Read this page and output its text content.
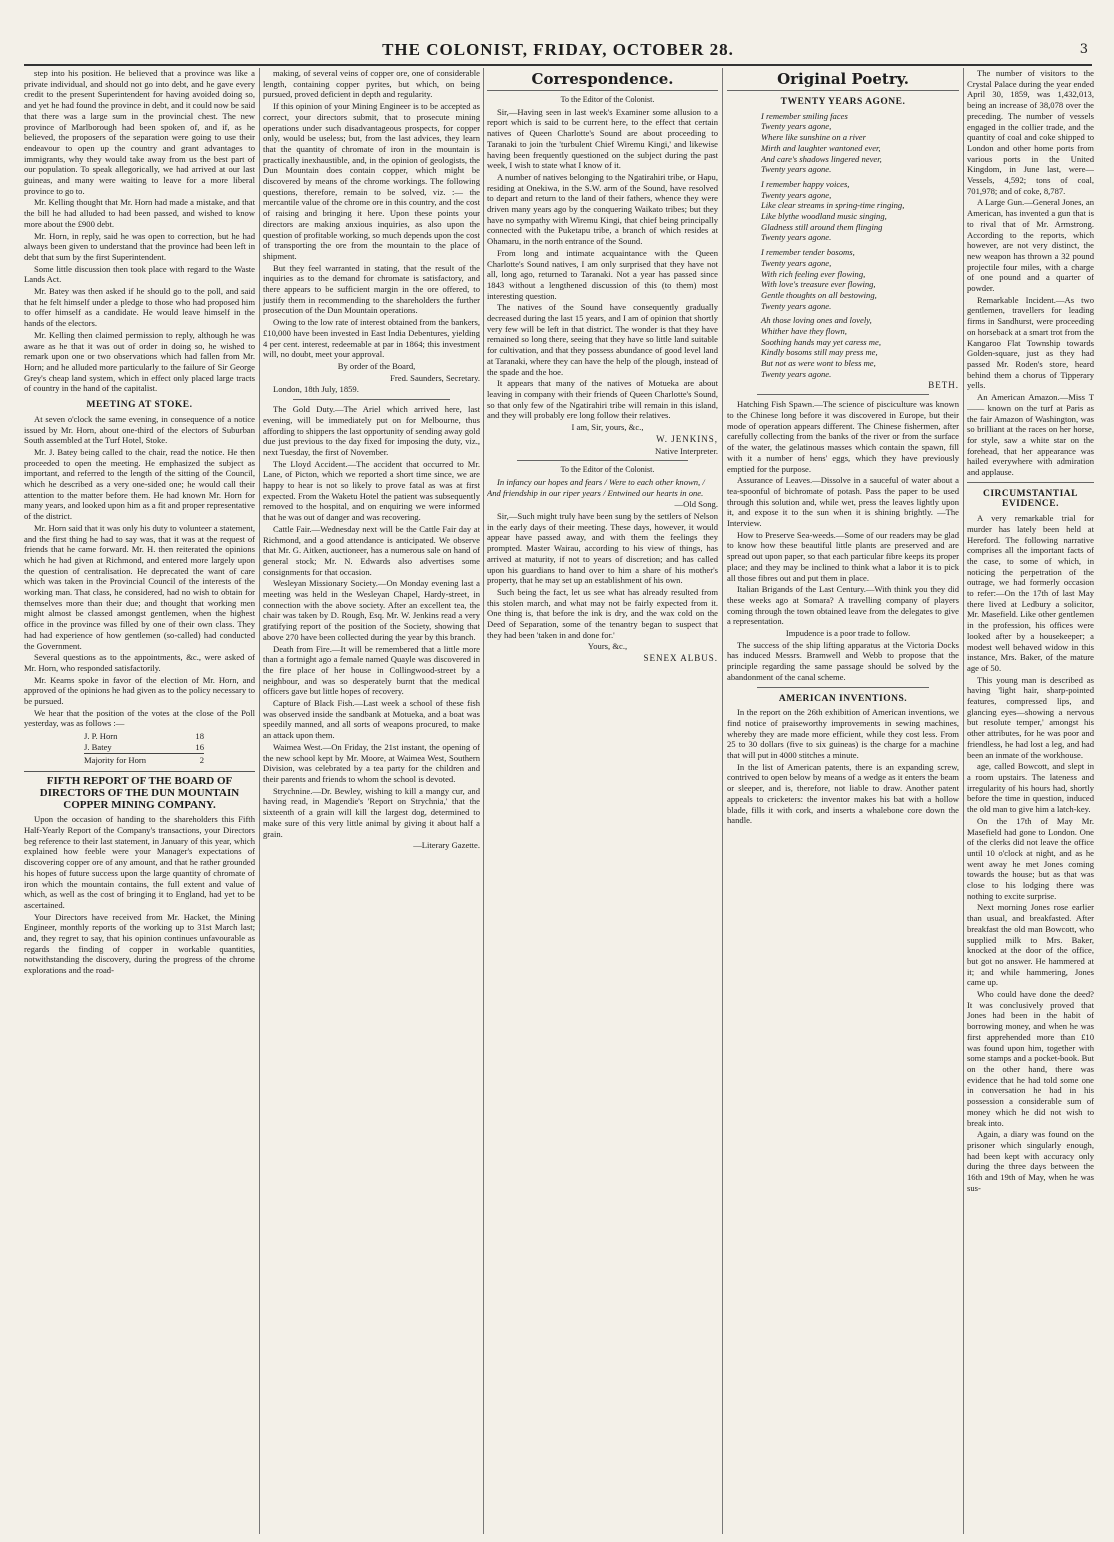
THE COLONIST, FRIDAY, OCTOBER 28.	3

step into his position. He believed that a province was like a private individual, and should not go into debt, and he gave every credit to the present Superintendent for having avoided doing so, and yet he had found the province in debt, and it could now be said that there was a large sum in the provincial chest. The new province of Marlborough had been spoken of, and if, as he believed, the proposers of the separation were going to use their endeavour to open up the country and grant advantages to immigrants, why they would take away from us the best part of our population. To speak allegorically, we had arrived at our last guineas, and many were waiting to leave for a more liberal province to go to.

Mr. Kelling thought that Mr. Horn had made a mistake, and that the bill he had alluded to had been passed, and wished to know more about the £900 debt.

Mr. Horn, in reply, said he was open to correction, but he had always been given to understand that the province had been left in debt that sum by the first Superintendent.

Some little discussion then took place with regard to the Waste Lands Act.

Mr. Batey was then asked if he should go to the poll, and said that he felt himself under a pledge to those who had proposed him to offer himself as a candidate. He would leave himself in the hands of the electors.

Mr. Kelling then claimed permission to reply, although he was aware as he that it was out of order in doing so, he wished to remark upon one or two observations which had fallen from Mr. Horn; and he alluded more particularly to the failure of Sir George Grey's cheap land system, which in effect only placed large tracts of country in the hand of the capitalist.

MEETING AT STOKE.

At seven o'clock the same evening, in consequence of a notice issued by Mr. Horn, about one-third of the electors of Suburban South assembled at the Turf Hotel, Stoke.

Mr. J. Batey being called to the chair, read the notice. He then proceeded to open the meeting. He emphasized the subject as important, and referred to the length of the sitting of the Council, which he described as a very one-sided one; he would call their attention to the matter before them. He had known Mr. Horn for many years, and looked upon him as a fit and proper representative of the district.

Mr. Horn said that it was only his duty to volunteer a statement, and the first thing he had to say was, that it was at the request of friends that he came forward. Mr. H. then reiterated the opinions which he had given at Richmond, and entered more largely upon the question of centralisation. He deprecated the want of care which was taken in the Provincial Council of the interests of the working man. That class, he considered, had no wish to obtain for themselves more than their due; and thought that working men might almost be classed amongst gentlemen, when the highest office in the province was filled by one of their own class. They had had experience of how gentlemen (so-called) had conducted the Government.

Several questions as to the appointments, &c., were asked of Mr. Horn, who responded satisfactorily.

Mr. Kearns spoke in favor of the election of Mr. Horn, and approved of the opinions he had given as to the policy necessary to be pursued.

We hear that the position of the votes at the close of the Poll yesterday, was as follows :—

J. P. Horn	18
J. Batey	16
Majority for Horn	2
FIFTH REPORT OF THE BOARD OF DIRECTORS OF THE DUN MOUNTAIN COPPER MINING COMPANY.

Upon the occasion of handing to the shareholders this Fifth Half-Yearly Report of the Company's transactions, your Directors beg reference to their last statement, in January of this year, which explained how feeble were your Manager's expectations of discovering copper ore of any amount, and that he rather grounded his hopes of future success upon the large quantity of chromate of iron which the mountain contains, the full extent and value of which, as well as the cost of bringing it to England, had yet to be ascertained.

Your Directors have received from Mr. Hacket, the Mining Engineer, monthly reports of the working up to 31st March last; and, they regret to say, that his opinion continues unfavourable as regards the finding of copper in workable quantities, notwithstanding the discovery, during the progress of the chrome explorations and the road-

making, of several veins of copper ore, one of considerable length, containing copper pyrites, but which, on being pursued, proved deficient in depth and regularity.

If this opinion of your Mining Engineer is to be accepted as correct, your directors submit, that to prosecute mining operations under such disadvantageous prospects, for copper only, would be useless; but, from the last advices, they learn that the quantity of chromate of iron in the mountain is practically inexhaustible, and, in the opinion of geologists, the Dun Mountain does contain copper, which might be discovered by means of the chrome workings. The following questions, therefore, remain to be solved, viz. :— the mercantile value of the chrome ore in this country, and the cost of raising and bringing it here. Upon these points your directors are making anxious inquiries, as also upon the question of profitable working, so much depends upon the cost of transporting the ore from the mountain to the place of shipment.

But they feel warranted in stating, that the result of the inquiries as to the demand for chromate is satisfactory, and there appears to be sufficient margin in the ore offered, to justify them in recommending to the shareholders the further prosecution of the Dun Mountain operations.

Owing to the low rate of interest obtained from the bankers, £10,000 have been invested in East India Debentures, yielding 4 per cent. interest, redeemable at par in 1864; this investment will, no doubt, meet your approval.

By order of the Board,

Fred. Saunders, Secretary.

London, 18th July, 1859.

The Gold Duty.—The Ariel which arrived here, last evening, will be immediately put on for Melbourne, thus affording to shippers the last opportunity of sending away gold due just previous to the day fixed for imposing the duty, viz., next Tuesday, the first of November.

The Lloyd Accident.—The accident that occurred to Mr. Lane, of Picton, which we reported a short time since, we are happy to hear is not so likely to prove fatal as was at first expected. From the Waketu Hotel the patient was subsequently removed to the hospital, and on enquiring we were informed that he was out of danger and was recovering.

Cattle Fair.—Wednesday next will be the Cattle Fair day at Richmond, and a good attendance is anticipated. We observe that Mr. G. Aitken, auctioneer, has a numerous sale on hand of general stock; Mr. N. Edwards also advertises some consignments for that occasion.

Wesleyan Missionary Society.—On Monday evening last a meeting was held in the Wesleyan Chapel, Hardy-street, in connection with the above society. After an excellent tea, the chair was taken by D. Rough, Esq. Mr. W. Jenkins read a very gratifying report of the position of the Society, showing that above 270 have been collected during the year by this branch.

Death from Fire.—It will be remembered that a little more than a fortnight ago a female named Quayle was discovered in the fire place of her house in Collingwood-street by a neighbour, and was so desperately burnt that the medical officers gave but little hopes of recovery.

Capture of Black Fish.—Last week a school of these fish was observed inside the sandbank at Motueka, and a boat was speedily manned, and all sorts of weapons procured, to make an attack upon them.

Waimea West.—On Friday, the 21st instant, the opening of the new school kept by Mr. Moore, at Waimea West, Southern Division, was celebrated by a tea party for the children and their parents and friends to whom the school is devoted.

Strychnine.—Dr. Bewley, wishing to kill a mangy cur, and having read, in Magendie's 'Report on Strychnia,' that the sixteenth of a grain will kill the largest dog, determined to make sure of this very little animal by giving it about half a grain.

—Literary Gazette.

Correspondence.

To the Editor of the Colonist.

Sir,—Having seen in last week's Examiner some allusion to a report which is said to be current here, to the effect that certain natives of Queen Charlotte's Sound are about proceeding to Taranaki to join the 'turbulent Chief Wiremu Kingi,' and likewise having been frequently questioned on the subject during the past week, I wish to state what I know of it.

A number of natives belonging to the Ngatirahiri tribe, or Hapu, residing at Onekiwa, in the S.W. arm of the Sound, have resolved to depart and return to the land of their fathers, whence they were driven many years ago by the conquering Waikato tribes; but they have no sympathy with Wiremu Kingi, that chief being principally connected with the Puketapu tribe, a branch of which resides at Ohamaru, in the north entrance of the Sound.

From long and intimate acquaintance with the Queen Charlotte's Sound natives, I am only surprised that they have not all, long ago, returned to Taranaki. Not a year has passed since 1843 without a lengthened discussion of this (to them) most interesting question.

The natives of the Sound have consequently gradually decreased during the last 15 years, and I am of opinion that shortly very few will be left in that district. The wonder is that they have remained so long there, seeing that they have so little land suitable for cultivation, and that they possess abundance of good level land at Taranaki, where they can have the help of the plough, instead of the spade and the hoe.

It appears that many of the natives of Motueka are about leaving in company with their friends of Queen Charlotte's Sound, so that only few of the Ngatirahiri tribe will remain in this island, and they will probably ere long follow their relatives.

I am, Sir, yours, &c.,

W. JENKINS,

Native Interpreter.

To the Editor of the Colonist.

In infancy our hopes and fears / Were to each other known, / And friendship in our riper years / Entwined our hearts in one.

—Old Song.

Sir,—Such might truly have been sung by the settlers of Nelson in the early days of their meeting. These days, however, it would appear have passed away, and with them the feelings they prompted. Master Wairau, according to his view of things, has arrived at maturity, if not to years of discretion; and has called upon his guardians to hand over to him a share of his mother's property, that he may set up an establishment of his own.

Such being the fact, let us see what has already resulted from this stolen march, and what may not be fairly expected from it. One thing is, that before the ink is dry, and the wax cold on the Deed of Separation, some of the tenantry began to suspect that they had been 'taken in and done for.'

Yours, &c.,

SENEX ALBUS.

Original Poetry.
TWENTY YEARS AGONE.
I remember smiling faces
Twenty years agone,
Where like sunshine on a river
Mirth and laughter wantoned ever,
And care's shadows lingered never,
Twenty years agone.
I remember happy voices,
Twenty years agone,
Like clear streams in spring-time ringing,
Like blythe woodland music singing,
Gladness still around them flinging
Twenty years agone.
I remember tender bosoms,
Twenty years agone,
With rich feeling ever flowing,
With love's treasure ever flowing,
Gentle thoughts on all bestowing,
Twenty years agone.
Ah those loving ones and lovely,
Whither have they flown,
Soothing hands may yet caress me,
Kindly bosoms still may press me,
But not as were wont to bless me,
Twenty years agone.

BETH.

Hatching Fish Spawn.—The science of pisciculture was known to the Chinese long before it was discovered in Europe, but their mode of operation appears different. The Chinese fishermen, after carefully collecting from the banks of the river or from the surface of the water, the gelatinous masses which contain the spawn, fill with it a number of hens' eggs, which they have previously emptied for the purpose.

Assurance of Leaves.—Dissolve in a sauceful of water about a tea-spoonful of bichromate of potash. Pass the paper to be used through this solution and, while wet, press the leaves lightly upon it, and expose it to the sun when it is shining brightly. —The Interview.

How to Preserve Sea-weeds.—Some of our readers may be glad to know how these beautiful little plants are preserved and are spread out upon paper, so that each particular fibre keeps its proper place; and they may be inclined to think what a labor it is to pick all those fibres out and put them in place.

Italian Brigands of the Last Century.—With think you they did these weeks ago at Somara? A travelling company of players coming through the town obtained leave from the delegates to give a representation.

Impudence is a poor trade to follow.

The success of the ship lifting apparatus at the Victoria Docks has induced Messrs. Bramwell and Webb to propose that the principle regarding the same passage should be solved by the abandonment of the canal scheme.

AMERICAN INVENTIONS.

In the report on the 26th exhibition of American inventions, we find notice of praiseworthy improvements in sewing machines, whereby they are made more efficient, while they cost less. From 25 to 30 dollars (five to six guineas) is the charge for a machine that will put in 4000 stitches a minute.

In the list of American patents, there is an expanding screw, contrived to open below by means of a wedge as it enters the beam or sleeper, and is, therefore, not liable to draw. Another patent appeals to cricketers: the inventor makes his bat with a hollow blade, fills it with cork, and inserts a whalebone core down the handle.

The number of visitors to the Crystal Palace during the year ended April 30, 1859, was 1,432,013, being an increase of 38,078 over the preceding. The number of vessels engaged in the collier trade, and the quantity of coal and coke shipped to London and other home ports from various ports in the United Kingdom, in June last, were—Vessels, 4,592; tons of coal, 701,978; and of coke, 8,787.

A Large Gun.—General Jones, an American, has invented a gun that is to rival that of Mr. Armstrong. According to the reports, which however, are not very distinct, the new weapon has thrown a 32 pound projectile four miles, with a charge of one pound and a quarter of powder.

Remarkable Incident.—As two gentlemen, travellers for leading firms in Sandhurst, were proceeding on horseback at a smart trot from the Kangaroo Flat Township towards Golden-square, just as they had passed Mr. Roden's store, heard behind them a chorus of Tipperary yells.

An American Amazon.—Miss T—— known on the turf at Paris as the fair Amazon of Washington, was so brilliant at the races on her horse, for style, saw a white star on the forehead, that her appearance was hailed everywhere with admiration and applause.

CIRCUMSTANTIAL EVIDENCE.

A very remarkable trial for murder has lately been held at Hereford. The following narrative comprises all the important facts of the case, to some of which, in noticing the perpetration of the outrage, we had formerly occasion to refer:—On the 17th of last May there lived at Ledbury a solicitor, Mr. Masefield. Like other gentlemen in the profession, his offices were looked after by a housekeeper; a modest well behaved widow in this instance, Mrs. Baker, of the mature age of 50.

This young man is described as having 'light hair, sharp-pointed features, compressed lips, and glancing eyes—showing a nervous but resolute temper,' amongst his other attributes, for he was poor and friendless, he had lost a leg, and had been an inmate of the workhouse.

age, called Bowcott, and slept in a room upstairs. The lateness and irregularity of his hours had, shortly before the time in question, induced the old man to give him a latch-key.

On the 17th of May Mr. Masefield had gone to London. One of the clerks did not leave the office until 10 o'clock at night, and as he went away he met Jones coming towards the house; but as that was close to his lodging there was nothing to excite surprise.

Next morning Jones rose earlier than usual, and breakfasted. After breakfast the old man Bowcott, who supplied milk to Mrs. Baker, knocked at the door of the office, but got no answer. He hammered at it; and while hammering, Jones came up.

Who could have done the deed? It was conclusively proved that Jones had been in the habit of borrowing money, and when he was first apprehended more than £10 was found upon him, together with some stamps and a pocket-book. But on the other hand, there was evidence that he had told some one in conversation he had in his possession a considerable sum of money which he did not wish to break into.

Again, a diary was found on the prisoner which singularly enough, had been kept with accuracy only during the three days between the 16th and 19th of May, when he was sus-
